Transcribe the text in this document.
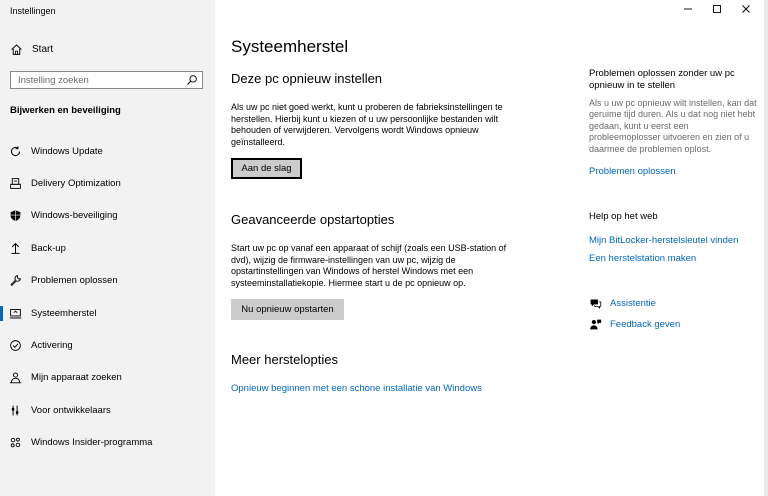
Instellingen
Start
Instelling zoeken
Bijwerken en beveiliging
Windows Update
Delivery Optimization
Windows-beveiliging
Back-up
Problemen oplossen
Systeemherstel
Activering
Mijn apparaat zoeken
Voor ontwikkelaars
Windows Insider-programma
Systeemherstel
Deze pc opnieuw instellen
Als uw pc niet goed werkt, kunt u proberen de fabrieksinstellingen te herstellen. Hierbij kunt u kiezen of u uw persoonlijke bestanden wilt behouden of verwijderen. Vervolgens wordt Windows opnieuw geïnstalleerd.
Aan de slag
Geavanceerde opstartopties
Start uw pc op vanaf een apparaat of schijf (zoals een USB-station of dvd), wijzig de firmware-instellingen van uw pc, wijzig de opstartinstellingen van Windows of herstel Windows met een systeeminstallatiekopie. Hiermee start u de pc opnieuw op.
Nu opnieuw opstarten
Meer herstelopties
Opnieuw beginnen met een schone installatie van Windows
Problemen oplossen zonder uw pc opnieuw in te stellen
Als u uw pc opnieuw wilt instellen, kan dat geruime tijd duren. Als u dat nog niet hebt gedaan, kunt u eerst een probleemoplosser uitvoeren en zien of u daarmee de problemen oplost.
Problemen oplossen
Help op het web
Mijn BitLocker-herstelsleutel vinden
Een herstelstation maken
Assistentie
Feedback geven
